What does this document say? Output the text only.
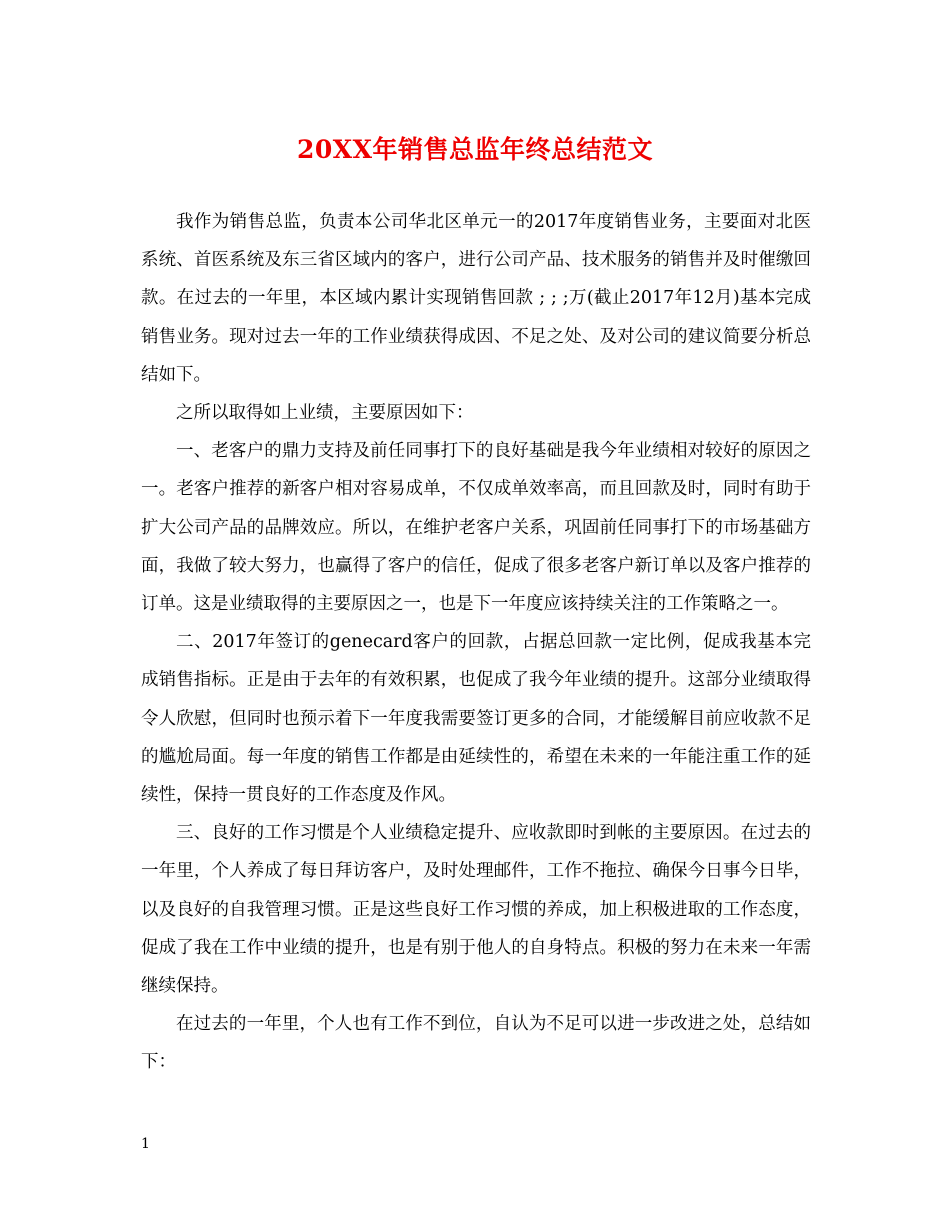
20XX年销售总监年终总结范文

我作为销售总监，负责本公司华北区单元一的2017年度销售业务，主要面对北医系统、首医系统及东三省区域内的客户，进行公司产品、技术服务的销售并及时催缴回款。在过去的一年里，本区域内累计实现销售回款 ; ; ;万(截止2017年12月)基本完成销售业务。现对过去一年的工作业绩获得成因、不足之处、及对公司的建议简要分析总结如下。

之所以取得如上业绩，主要原因如下：

一、老客户的鼎力支持及前任同事打下的良好基础是我今年业绩相对较好的原因之一。老客户推荐的新客户相对容易成单，不仅成单效率高，而且回款及时，同时有助于扩大公司产品的品牌效应。所以，在维护老客户关系，巩固前任同事打下的市场基础方面，我做了较大努力，也赢得了客户的信任，促成了很多老客户新订单以及客户推荐的订单。这是业绩取得的主要原因之一，也是下一年度应该持续关注的工作策略之一。

二、2017年签订的genecard客户的回款，占据总回款一定比例，促成我基本完成销售指标。正是由于去年的有效积累，也促成了我今年业绩的提升。这部分业绩取得令人欣慰，但同时也预示着下一年度我需要签订更多的合同，才能缓解目前应收款不足的尴尬局面。每一年度的销售工作都是由延续性的，希望在未来的一年能注重工作的延续性，保持一贯良好的工作态度及作风。

三、良好的工作习惯是个人业绩稳定提升、应收款即时到帐的主要原因。在过去的一年里，个人养成了每日拜访客户，及时处理邮件，工作不拖拉、确保今日事今日毕，以及良好的自我管理习惯。正是这些良好工作习惯的养成，加上积极进取的工作态度，促成了我在工作中业绩的提升，也是有别于他人的自身特点。积极的努力在未来一年需继续保持。

在过去的一年里，个人也有工作不到位，自认为不足可以进一步改进之处，总结如下：

1
